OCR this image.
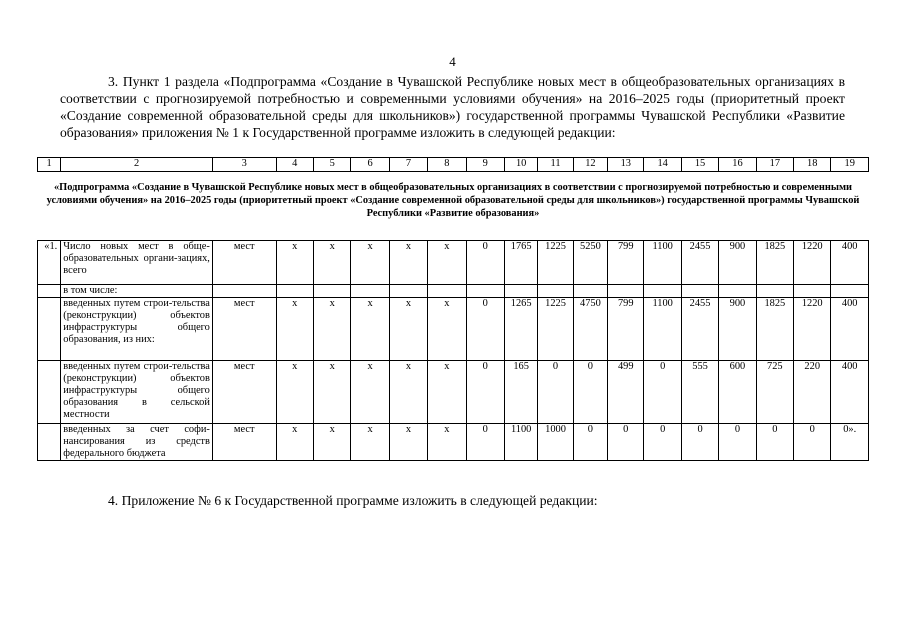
4

3. Пункт 1 раздела «Подпрограмма «Создание в Чувашской Республике новых мест в общеобразовательных организациях в соответствии с прогнозируемой потребностью и современными условиями обучения» на 2016–2025 годы (приоритетный проект «Создание современной образовательной среды для школьников») государственной программы Чувашской Республики «Развитие образования» приложения № 1 к Государственной программе изложить в следующей редакции:

1	2	3	4	5	6	7	8	9	10	11	12	13	14	15	16	17	18	19
«Подпрограмма «Создание в Чувашской Республике новых мест в общеобразовательных организациях в соответствии с прогнозируемой потребностью и современными условиями обучения» на 2016–2025 годы (приоритетный проект «Создание современной образовательной среды для школьников») государственной программы Чувашской Республики «Развитие образования»
«1.	Число новых мест в обще-образовательных органи-зациях, всего	мест	х	х	х	х	х	0	1765	1225	5250	799	1100	2455	900	1825	1220	400
	в том числе:																	
	введенных путем строи-тельства (реконструкции) объектов инфраструктуры общего образования, из них:	мест	х	х	х	х	х	0	1265	1225	4750	799	1100	2455	900	1825	1220	400
	введенных путем строи-тельства (реконструкции) объектов инфраструктуры общего образования в сельской местности	мест	х	х	х	х	х	0	165	0	0	499	0	555	600	725	220	400
	введенных за счет софи-нансирования из средств федерального бюджета	мест	х	х	х	х	х	0	1100	1000	0	0	0	0	0	0	0	0».

4. Приложение № 6 к Государственной программе изложить в следующей редакции:
